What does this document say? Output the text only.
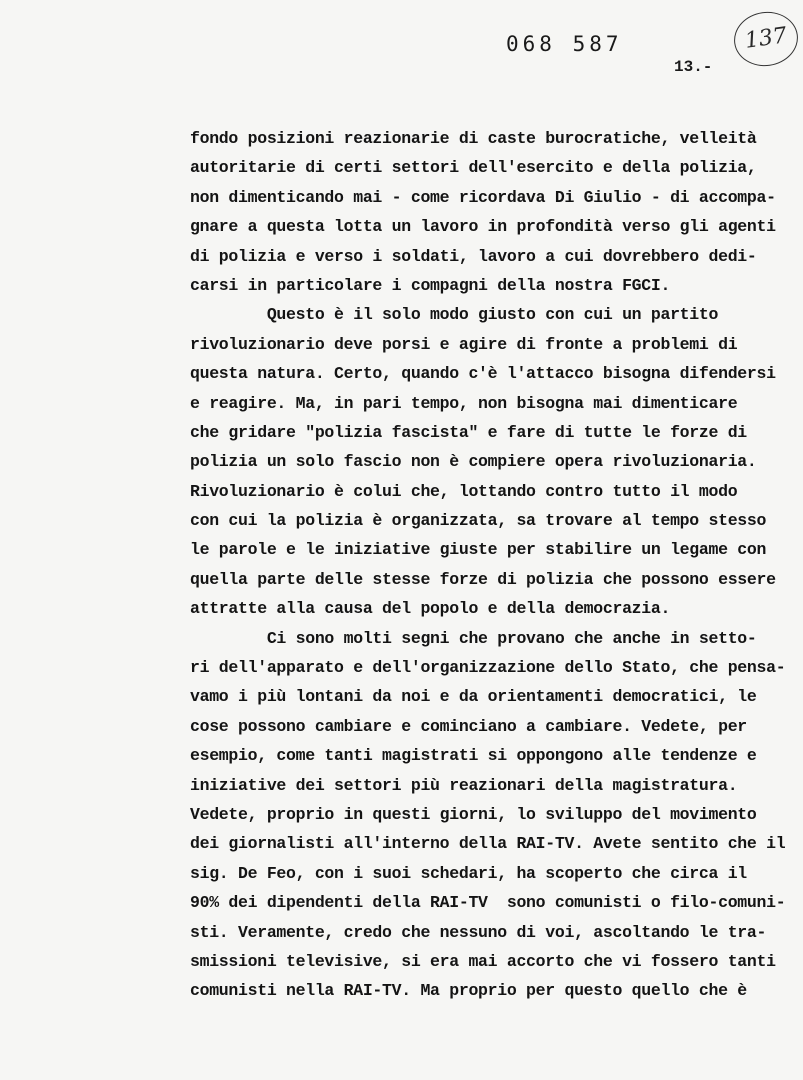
068 587
13.-
137
fondo posizioni reazionarie di caste burocratiche, velleità
autoritarie di certi settori dell'esercito e della polizia,
non dimenticando mai - come ricordava Di Giulio - di accompa-
gnare a questa lotta un lavoro in profondità verso gli agenti
di polizia e verso i soldati, lavoro a cui dovrebbero dedi-
carsi in particolare i compagni della nostra FGCI.
Questo è il solo modo giusto con cui un partito
rivoluzionario deve porsi e agire di fronte a problemi di
questa natura. Certo, quando c'è l'attacco bisogna difendersi
e reagire. Ma, in pari tempo, non bisogna mai dimenticare
che gridare "polizia fascista" e fare di tutte le forze di
polizia un solo fascio non è compiere opera rivoluzionaria.
Rivoluzionario è colui che, lottando contro tutto il modo
con cui la polizia è organizzata, sa trovare al tempo stesso
le parole e le iniziative giuste per stabilire un legame con
quella parte delle stesse forze di polizia che possono essere
attratte alla causa del popolo e della democrazia.
Ci sono molti segni che provano che anche in setto-
ri dell'apparato e dell'organizzazione dello Stato, che pensa-
vamo i più lontani da noi e da orientamenti democratici, le
cose possono cambiare e cominciano a cambiare. Vedete, per
esempio, come tanti magistrati si oppongono alle tendenze e
iniziative dei settori più reazionari della magistratura.
Vedete, proprio in questi giorni, lo sviluppo del movimento
dei giornalisti all'interno della RAI-TV. Avete sentito che il
sig. De Feo, con i suoi schedari, ha scoperto che circa il
90% dei dipendenti della RAI-TV  sono comunisti o filo-comuni-
sti. Veramente, credo che nessuno di voi, ascoltando le tra-
smissioni televisive, si era mai accorto che vi fossero tanti
comunisti nella RAI-TV. Ma proprio per questo quello che è
